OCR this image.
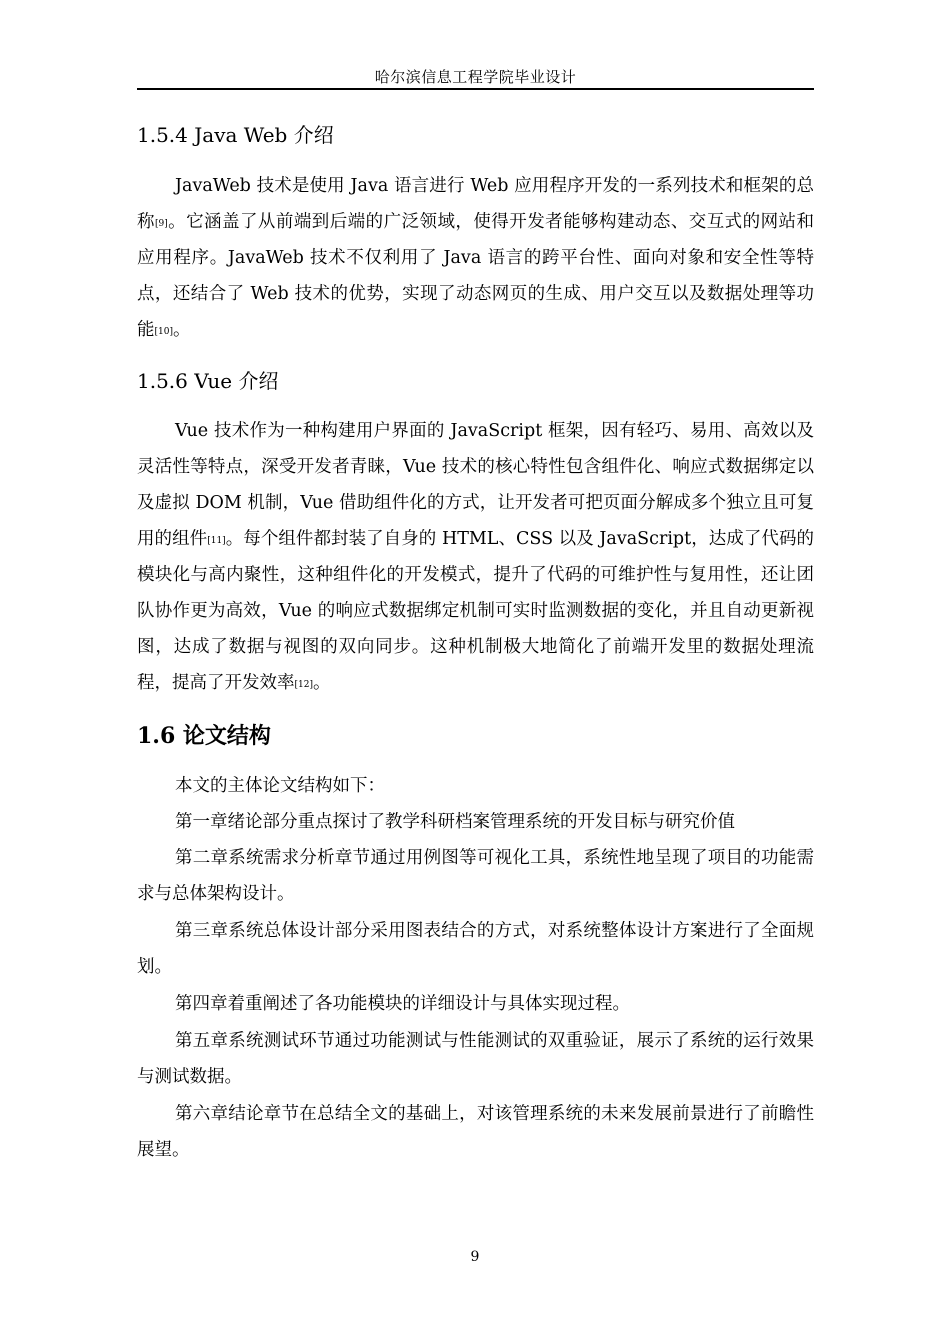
哈尔滨信息工程学院毕业设计
1.5.4 Java Web 介绍

JavaWeb 技术是使用 Java 语言进行 Web 应用程序开发的一系列技术和框架的总称[9]。它涵盖了从前端到后端的广泛领域，使得开发者能够构建动态、交互式的网站和应用程序。JavaWeb 技术不仅利用了 Java 语言的跨平台性、面向对象和安全性等特点，还结合了 Web 技术的优势，实现了动态网页的生成、用户交互以及数据处理等功能[10]。

1.5.6 Vue 介绍

Vue 技术作为一种构建用户界面的 JavaScript 框架，因有轻巧、易用、高效以及灵活性等特点，深受开发者青睐，Vue 技术的核心特性包含组件化、响应式数据绑定以及虚拟 DOM 机制，Vue 借助组件化的方式，让开发者可把页面分解成多个独立且可复用的组件[11]。每个组件都封装了自身的 HTML、CSS 以及 JavaScript，达成了代码的模块化与高内聚性，这种组件化的开发模式，提升了代码的可维护性与复用性，还让团队协作更为高效，Vue 的响应式数据绑定机制可实时监测数据的变化，并且自动更新视图，达成了数据与视图的双向同步。这种机制极大地简化了前端开发里的数据处理流程，提高了开发效率[12]。

1.6 论文结构

本文的主体论文结构如下：

第一章绪论部分重点探讨了教学科研档案管理系统的开发目标与研究价值

第二章系统需求分析章节通过用例图等可视化工具，系统性地呈现了项目的功能需求与总体架构设计。

第三章系统总体设计部分采用图表结合的方式，对系统整体设计方案进行了全面规划。

第四章着重阐述了各功能模块的详细设计与具体实现过程。

第五章系统测试环节通过功能测试与性能测试的双重验证，展示了系统的运行效果与测试数据。

第六章结论章节在总结全文的基础上，对该管理系统的未来发展前景进行了前瞻性展望。

9
